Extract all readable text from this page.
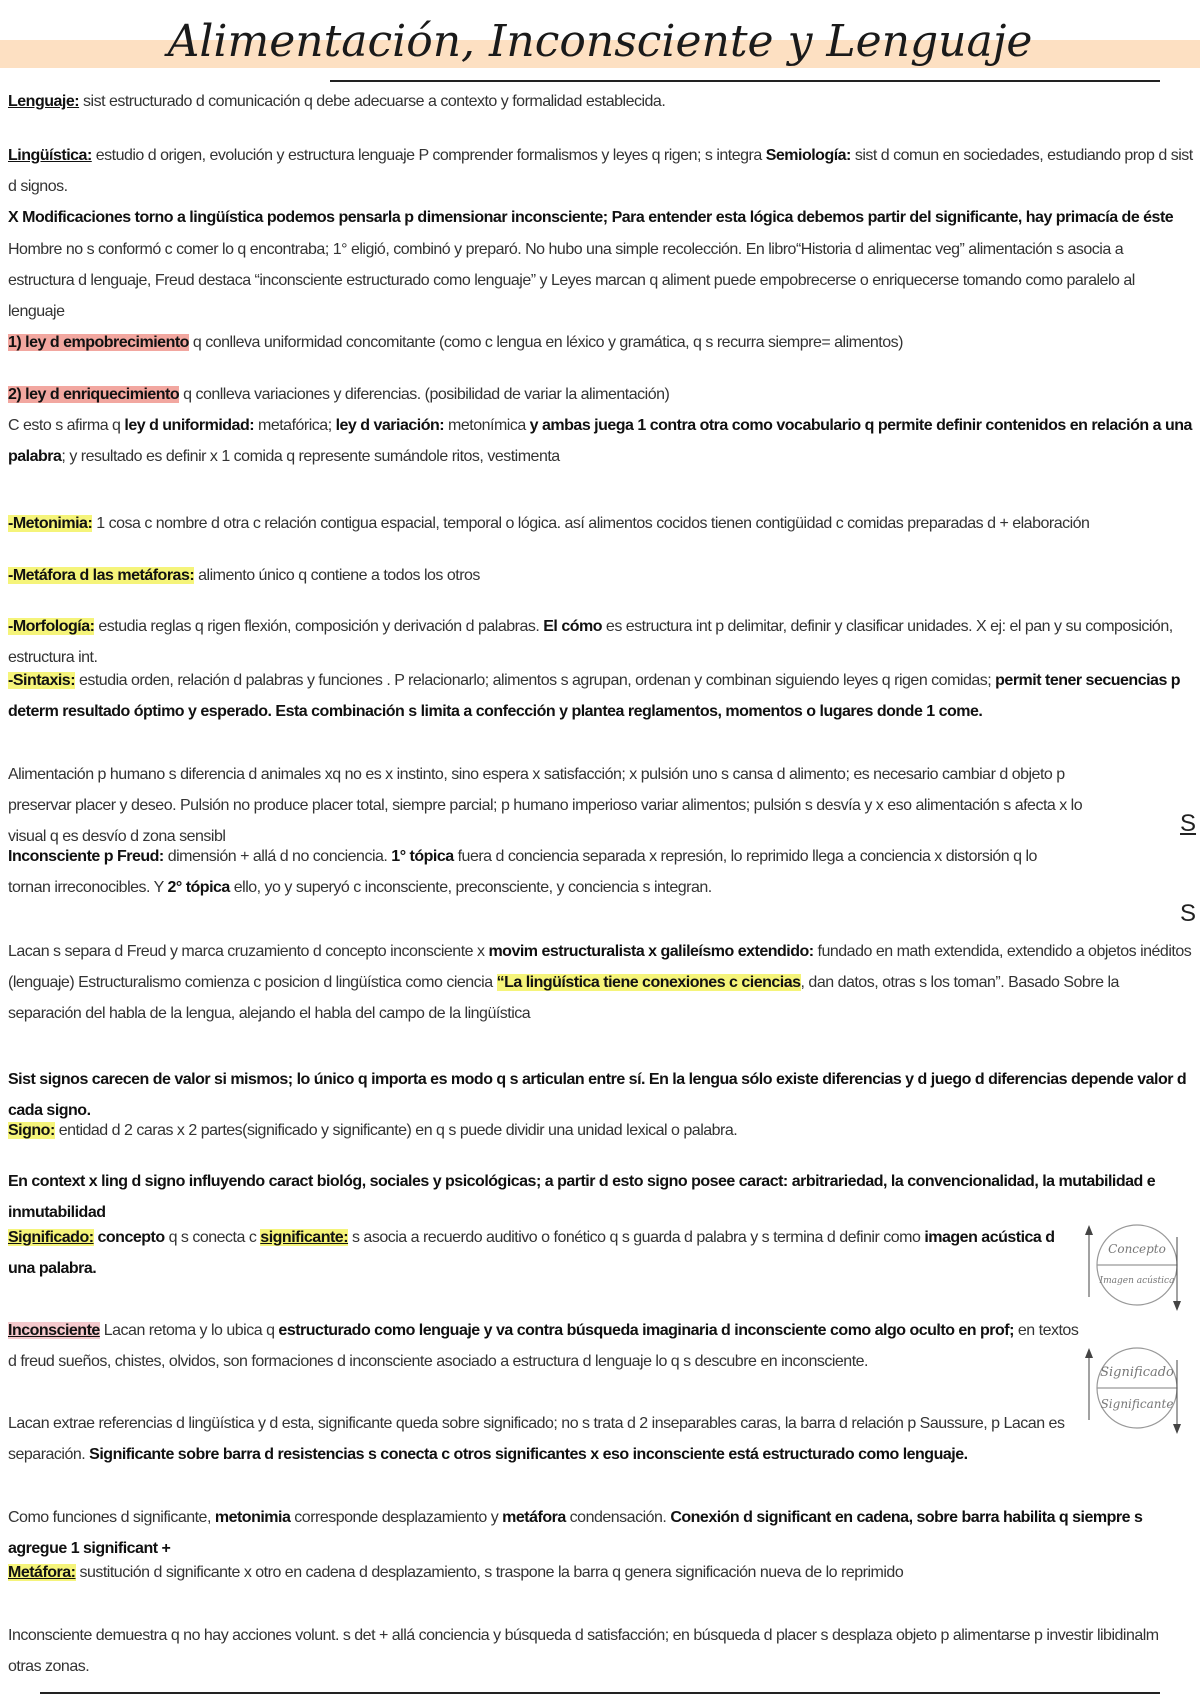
Alimentación, Inconsciente y Lenguaje
Lenguaje: sist estructurado d comunicación q debe adecuarse a contexto y formalidad establecida.
Lingüística: estudio d origen, evolución y estructura lenguaje P comprender formalismos y leyes q rigen; s integra Semiología: sist d comun en sociedades, estudiando prop d sist d signos.
X Modificaciones torno a lingüística podemos pensarla p dimensionar inconsciente; Para entender esta lógica debemos partir del significante, hay primacía de éste
Hombre no s conformó c comer lo q encontraba; 1° eligió, combinó y preparó. No hubo una simple recolección. En libro“Historia d alimentac veg” alimentación s asocia a estructura d lenguaje, Freud destaca “inconsciente estructurado como lenguaje” y Leyes marcan q aliment puede empobrecerse o enriquecerse tomando como paralelo al lenguaje
1) ley d empobrecimiento q conlleva uniformidad concomitante (como c lengua en léxico y gramática, q s recurra siempre= alimentos)
2) ley d enriquecimiento q conlleva variaciones y diferencias. (posibilidad de variar la alimentación)
C esto s afirma q ley d uniformidad: metafórica; ley d variación: metonímica y ambas juega 1 contra otra como vocabulario q permite definir contenidos en relación a una palabra; y resultado es definir x 1 comida q represente sumándole ritos, vestimenta
-Metonimia: 1 cosa c nombre d otra c relación contigua espacial, temporal o lógica. así alimentos cocidos tienen contigüidad c comidas preparadas d + elaboración
-Metáfora d las metáforas: alimento único q contiene a todos los otros
-Morfología: estudia reglas q rigen flexión, composición y derivación d palabras. El cómo es estructura int p delimitar, definir y clasificar unidades. X ej: el pan y su composición, estructura int.
-Sintaxis: estudia orden, relación d palabras y funciones . P relacionarlo; alimentos s agrupan, ordenan y combinan siguiendo leyes q rigen comidas; permit tener secuencias p determ resultado óptimo y esperado. Esta combinación s limita a confección y plantea reglamentos, momentos o lugares donde 1 come.
Alimentación p humano s diferencia d animales xq no es x instinto, sino espera x satisfacción; x pulsión uno s cansa d alimento; es necesario cambiar d objeto p preservar placer y deseo. Pulsión no produce placer total, siempre parcial; p humano imperioso variar alimentos; pulsión s desvía y x eso alimentación s afecta x lo visual q es desvío d zona sensibl
Inconsciente p Freud: dimensión + allá d no conciencia. 1° tópica fuera d conciencia separada x represión, lo reprimido llega a conciencia x distorsión q lo tornan irreconocibles. Y 2° tópica ello, yo y superyó c inconsciente, preconsciente, y conciencia s integran.
S
S
Lacan s separa d Freud y marca cruzamiento d concepto inconsciente x movim estructuralista x galileísmo extendido: fundado en math extendida, extendido a objetos inéditos (lenguaje) Estructuralismo comienza c posicion d lingüística como ciencia “La lingüística tiene conexiones c ciencias, dan datos, otras s los toman”. Basado Sobre la separación del habla de la lengua, alejando el habla del campo de la lingüística
Sist signos carecen de valor si mismos; lo único q importa es modo q s articulan entre sí. En la lengua sólo existe diferencias y d juego d diferencias depende valor d cada signo.
Signo: entidad d 2 caras x 2 partes(significado y significante) en q s puede dividir una unidad lexical o palabra.
En context x ling d signo influyendo caract biológ, sociales y psicológicas; a partir d esto signo posee caract: arbitrariedad, la convencionalidad, la mutabilidad e inmutabilidad
Significado: concepto q s conecta c significante: s asocia a recuerdo auditivo o fonético q s guarda d palabra y s termina d definir como imagen acústica d una palabra.
Inconsciente Lacan retoma y lo ubica q estructurado como lenguaje y va contra búsqueda imaginaria d inconsciente como algo oculto en prof; en textos d freud sueños, chistes, olvidos, son formaciones d inconsciente asociado a estructura d lenguaje lo q s descubre en inconsciente.
Lacan extrae referencias d lingüística y d esta, significante queda sobre significado; no s trata d 2 inseparables caras, la barra d relación p Saussure, p Lacan es separación. Significante sobre barra d resistencias s conecta c otros significantes x eso inconsciente está estructurado como lenguaje.
Como funciones d significante, metonimia corresponde desplazamiento y metáfora condensación. Conexión d significant en cadena, sobre barra habilita q siempre s agregue 1 significant +
Metáfora: sustitución d significante x otro en cadena d desplazamiento, s traspone la barra q genera significación nueva de lo reprimido
Inconsciente demuestra q no hay acciones volunt. s det + allá conciencia y búsqueda d satisfacción; en búsqueda d placer s desplaza objeto p alimentarse p investir libidinalm otras zonas.
Concepto
Imagen acústica
Significado
Significante
